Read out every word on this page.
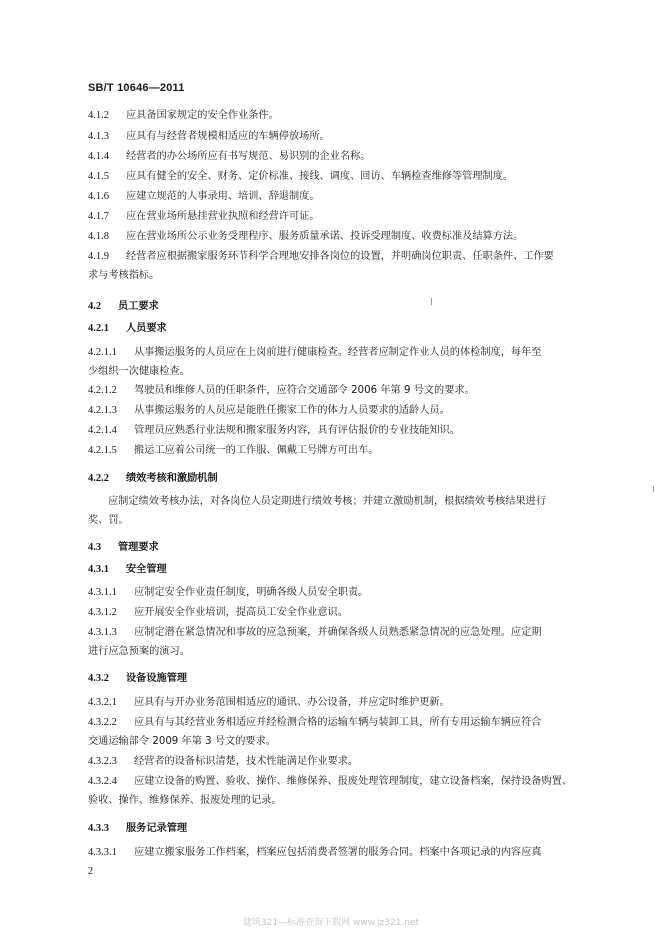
SB/T 10646—2011
4.1.2 应具备国家规定的安全作业条件。
4.1.3 应具有与经营者规模相适应的车辆停放场所。
4.1.4 经营者的办公场所应有书写规范、易识别的企业名称。
4.1.5 应具有健全的安全、财务、定价标准、接线、调度、回访、车辆检查维修等管理制度。
4.1.6 应建立规范的人事录用、培训、辞退制度。
4.1.7 应在营业场所悬挂营业执照和经营许可证。
4.1.8 应在营业场所公示业务受理程序、服务质量承诺、投诉受理制度、收费标准及结算方法。
4.1.9 经营者应根据搬家服务环节科学合理地安排各岗位的设置，并明确岗位职责、任职条件、工作要
求与考核指标。
4.2 员工要求
4.2.1 人员要求
4.2.1.1 从事搬运服务的人员应在上岗前进行健康检查。经营者应制定作业人员的体检制度，每年至
少组织一次健康检查。
4.2.1.2 驾驶员和维修人员的任职条件，应符合交通部令 2006 年第 9 号文的要求。
4.2.1.3 从事搬运服务的人员应是能胜任搬家工作的体力人员要求的适龄人员。
4.2.1.4 管理员应熟悉行业法规和搬家服务内容，具有评估报价的专业技能知识。
4.2.1.5 搬运工应着公司统一的工作服、佩戴工号牌方可出车。
4.2.2 绩效考核和激励机制
应制定绩效考核办法，对各岗位人员定期进行绩效考核；并建立激励机制，根据绩效考核结果进行
奖、罚。
4.3 管理要求
4.3.1 安全管理
4.3.1.1 应制定安全作业责任制度，明确各级人员安全职责。
4.3.1.2 应开展安全作业培训，提高员工安全作业意识。
4.3.1.3 应制定潜在紧急情况和事故的应急预案，并确保各级人员熟悉紧急情况的应急处理。应定期
进行应急预案的演习。
4.3.2 设备设施管理
4.3.2.1 应具有与开办业务范围相适应的通讯、办公设备，并应定时维护更新。
4.3.2.2 应具有与其经营业务相适应并经检测合格的运输车辆与装卸工具，所有专用运输车辆应符合
交通运输部令 2009 年第 3 号文的要求。
4.3.2.3 经营者的设备标识清楚，技术性能满足作业要求。
4.3.2.4 应建立设备的购置、验收、操作、维修保养、报废处理管理制度，建立设备档案，保持设备购置、
验收、操作、维修保养、报废处理的记录。
4.3.3 服务记录管理
4.3.3.1 应建立搬家服务工作档案，档案应包括消费者签署的服务合同。档案中各项记录的内容应真
2
建筑321—标准查询下载网 www.jz321.net
